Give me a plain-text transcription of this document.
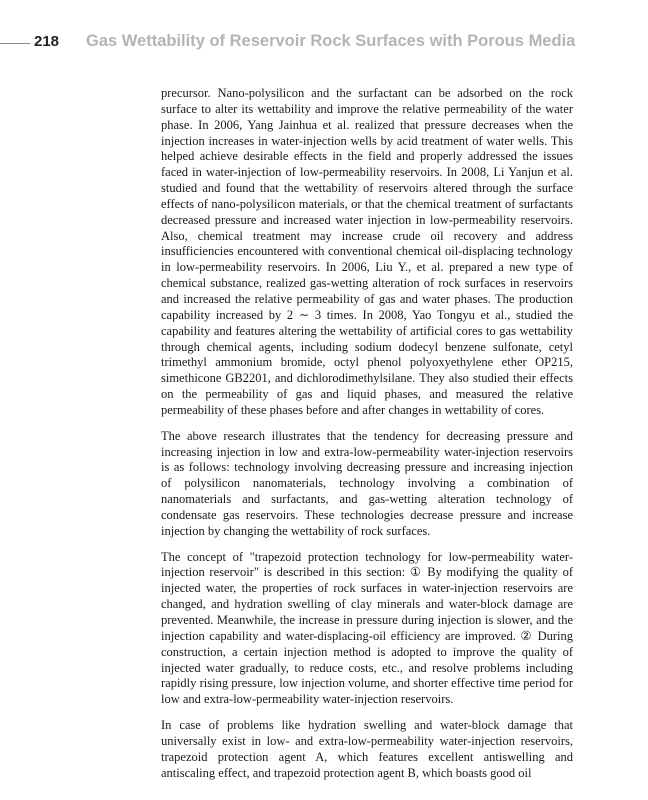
218 Gas Wettability of Reservoir Rock Surfaces with Porous Media

precursor. Nano-polysilicon and the surfactant can be adsorbed on the rock surface to alter its wettability and improve the relative permeability of the water phase. In 2006, Yang Jainhua et al. realized that pressure decreases when the injection increases in water-injection wells by acid treatment of water wells. This helped achieve desirable effects in the field and properly addressed the issues faced in water-injection of low-permeability reservoirs. In 2008, Li Yanjun et al. studied and found that the wettability of reservoirs altered through the surface effects of nano-polysilicon materials, or that the chemical treatment of surfactants decreased pressure and increased water injection in low-permeability reservoirs. Also, chemical treatment may increase crude oil recovery and address insufficiencies encountered with conventional chemical oil-displacing technology in low-permeability reservoirs. In 2006, Liu Y., et al. prepared a new type of chemical substance, realized gas-wetting alteration of rock surfaces in reservoirs and increased the relative permeability of gas and water phases. The production capability increased by 2 ∼ 3 times. In 2008, Yao Tongyu et al., studied the capability and features altering the wettability of artificial cores to gas wettability through chemical agents, including sodium dodecyl benzene sulfonate, cetyl trimethyl ammonium bromide, octyl phenol polyoxyethylene ether OP215, simethicone GB2201, and dichlorodimethylsilane. They also studied their effects on the permeability of gas and liquid phases, and measured the relative permeability of these phases before and after changes in wettability of cores.

The above research illustrates that the tendency for decreasing pressure and increasing injection in low and extra-low-permeability water-injection reservoirs is as follows: technology involving decreasing pressure and increasing injection of polysilicon nanomaterials, technology involving a combination of nanomaterials and surfactants, and gas-wetting alteration technology of condensate gas reservoirs. These technologies decrease pressure and increase injection by changing the wettability of rock surfaces.

The concept of "trapezoid protection technology for low-permeability water-injection reservoir" is described in this section: ① By modifying the quality of injected water, the properties of rock surfaces in water-injection reservoirs are changed, and hydration swelling of clay minerals and water-block damage are prevented. Meanwhile, the increase in pressure during injection is slower, and the injection capability and water-displacing-oil efficiency are improved. ② During construction, a certain injection method is adopted to improve the quality of injected water gradually, to reduce costs, etc., and resolve problems including rapidly rising pressure, low injection volume, and shorter effective time period for low and extra-low-permeability water-injection reservoirs.

In case of problems like hydration swelling and water-block damage that universally exist in low- and extra-low-permeability water-injection reservoirs, trapezoid protection agent A, which features excellent antiswelling and antiscaling effect, and trapezoid protection agent B, which boasts good oil
